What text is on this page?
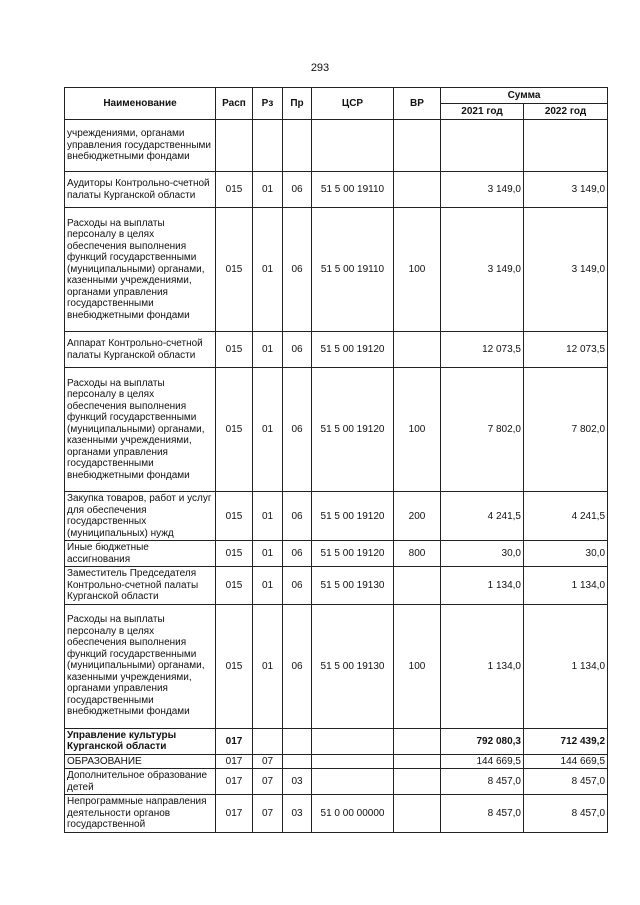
293
Наименование	Расп	Рз	Пр	ЦСР	ВР	Сумма	
						2021 год	2022 год
учреждениями, органами управления государственными внебюджетными фондами							
Аудиторы Контрольно-счетной палаты Курганской области	015	01	06	51 5 00 19110		3 149,0	3 149,0
Расходы на выплаты персоналу в целях обеспечения выполнения функций государственными (муниципальными) органами, казенными учреждениями, органами управления государственными внебюджетными фондами	015	01	06	51 5 00 19110	100	3 149,0	3 149,0
Аппарат Контрольно-счетной палаты Курганской области	015	01	06	51 5 00 19120		12 073,5	12 073,5
Расходы на выплаты персоналу в целях обеспечения выполнения функций государственными (муниципальными) органами, казенными учреждениями, органами управления государственными внебюджетными фондами	015	01	06	51 5 00 19120	100	7 802,0	7 802,0
Закупка товаров, работ и услуг для обеспечения государственных (муниципальных) нужд	015	01	06	51 5 00 19120	200	4 241,5	4 241,5
Иные бюджетные ассигнования	015	01	06	51 5 00 19120	800	30,0	30,0
Заместитель Председателя Контрольно-счетной палаты Курганской области	015	01	06	51 5 00 19130		1 134,0	1 134,0
Расходы на выплаты персоналу в целях обеспечения выполнения функций государственными (муниципальными) органами, казенными учреждениями, органами управления государственными внебюджетными фондами	015	01	06	51 5 00 19130	100	1 134,0	1 134,0
Управление культуры Курганской области	017					792 080,3	712 439,2
ОБРАЗОВАНИЕ	017	07				144 669,5	144 669,5
Дополнительное образование детей	017	07	03			8 457,0	8 457,0
Непрограммные направления деятельности органов государственной	017	07	03	51 0 00 00000		8 457,0	8 457,0
